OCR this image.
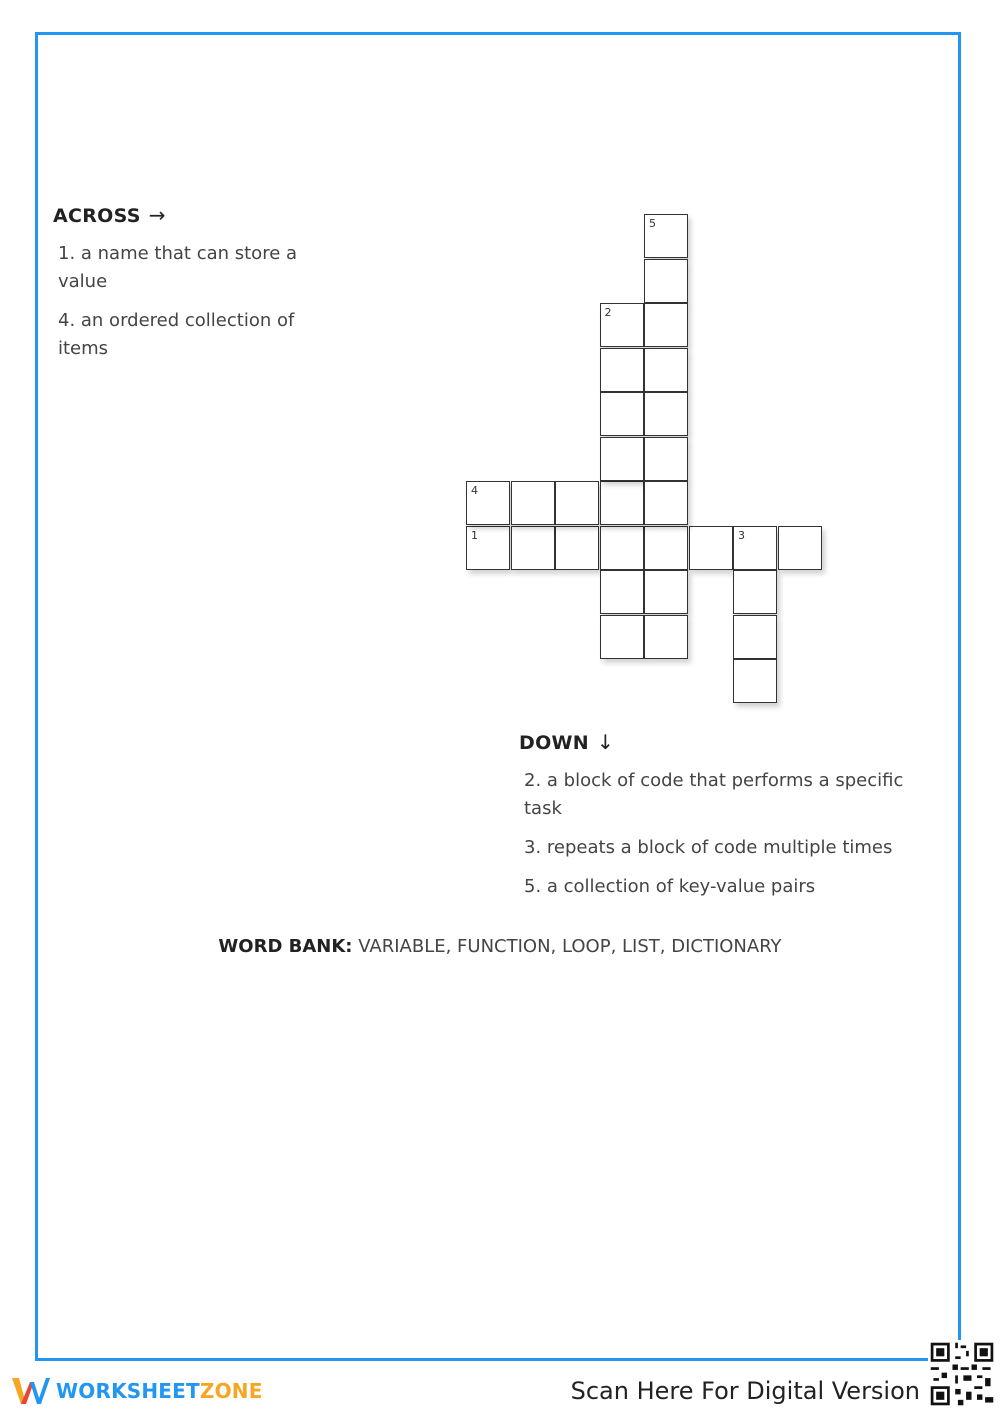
ACROSS →
1. a name that can store a value
4. an ordered collection of items
1	3
4
2
5
DOWN ↓
2. a block of code that performs a specific task
3. repeats a block of code multiple times
5. a collection of key-value pairs
WORD BANK: VARIABLE, FUNCTION, LOOP, LIST, DICTIONARY
WORKSHEETZONE	Scan Here For Digital Version
